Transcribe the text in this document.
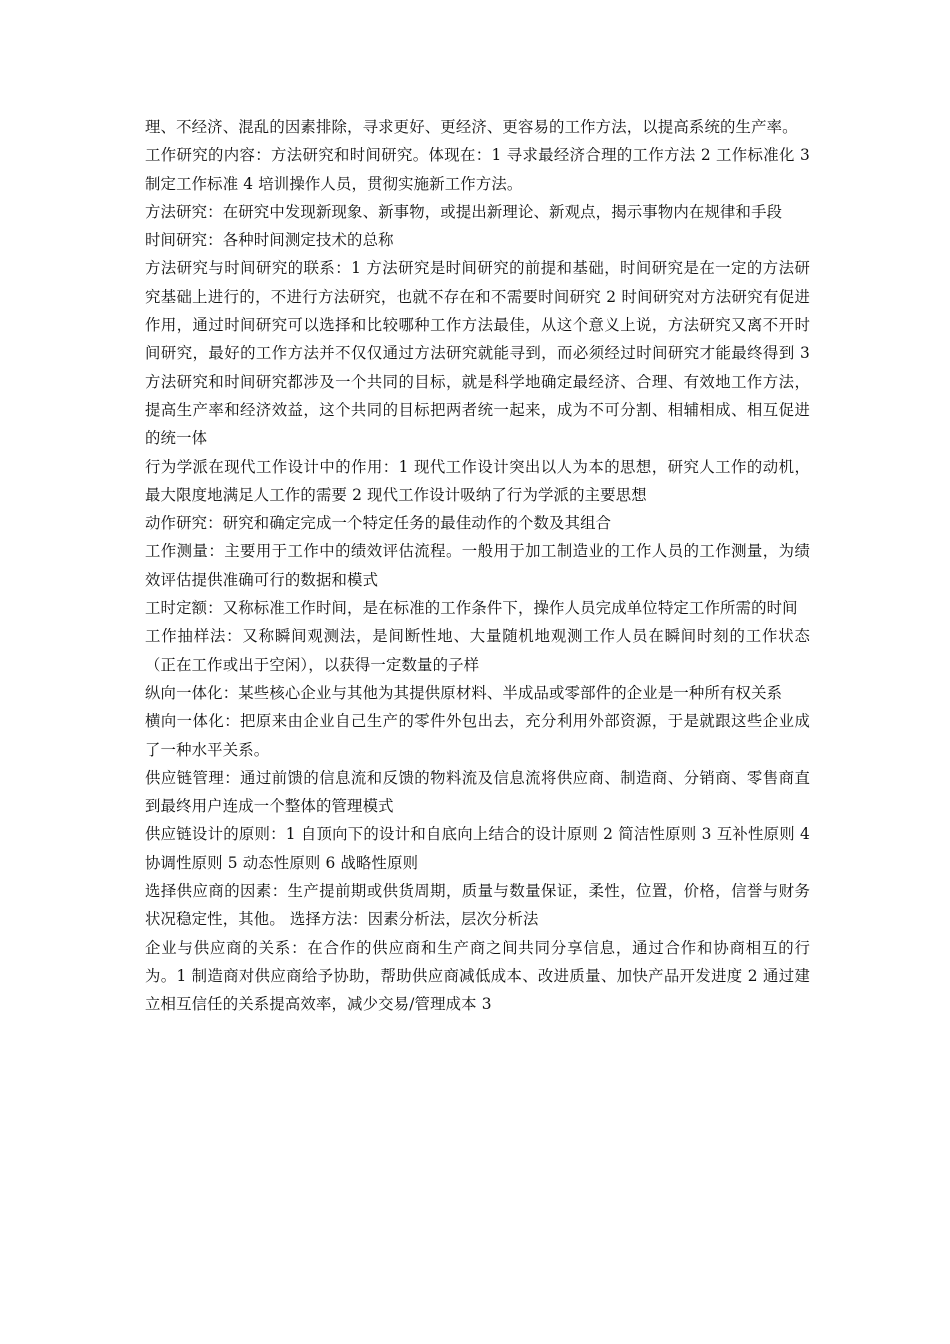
理、不经济、混乱的因素排除，寻求更好、更经济、更容易的工作方法，以提高系统的生产率。

工作研究的内容：方法研究和时间研究。体现在：1 寻求最经济合理的工作方法 2 工作标准化 3 制定工作标准 4 培训操作人员，贯彻实施新工作方法。

方法研究：在研究中发现新现象、新事物，或提出新理论、新观点，揭示事物内在规律和手段

时间研究：各种时间测定技术的总称

方法研究与时间研究的联系：1 方法研究是时间研究的前提和基础，时间研究是在一定的方法研究基础上进行的，不进行方法研究，也就不存在和不需要时间研究 2 时间研究对方法研究有促进作用，通过时间研究可以选择和比较哪种工作方法最佳，从这个意义上说，方法研究又离不开时间研究，最好的工作方法并不仅仅通过方法研究就能寻到，而必须经过时间研究才能最终得到 3 方法研究和时间研究都涉及一个共同的目标，就是科学地确定最经济、合理、有效地工作方法，提高生产率和经济效益，这个共同的目标把两者统一起来，成为不可分割、相辅相成、相互促进的统一体

行为学派在现代工作设计中的作用：1 现代工作设计突出以人为本的思想，研究人工作的动机，最大限度地满足人工作的需要 2 现代工作设计吸纳了行为学派的主要思想

动作研究：研究和确定完成一个特定任务的最佳动作的个数及其组合

工作测量：主要用于工作中的绩效评估流程。一般用于加工制造业的工作人员的工作测量，为绩效评估提供准确可行的数据和模式

工时定额：又称标准工作时间，是在标准的工作条件下，操作人员完成单位特定工作所需的时间

工作抽样法：又称瞬间观测法，是间断性地、大量随机地观测工作人员在瞬间时刻的工作状态（正在工作或出于空闲），以获得一定数量的子样

纵向一体化：某些核心企业与其他为其提供原材料、半成品或零部件的企业是一种所有权关系

横向一体化：把原来由企业自己生产的零件外包出去，充分利用外部资源，于是就跟这些企业成了一种水平关系。

供应链管理：通过前馈的信息流和反馈的物料流及信息流将供应商、制造商、分销商、零售商直到最终用户连成一个整体的管理模式

供应链设计的原则：1 自顶向下的设计和自底向上结合的设计原则 2 简洁性原则 3 互补性原则 4 协调性原则 5 动态性原则 6 战略性原则

选择供应商的因素：生产提前期或供货周期，质量与数量保证，柔性，位置，价格，信誉与财务状况稳定性，其他。 选择方法：因素分析法，层次分析法

企业与供应商的关系：在合作的供应商和生产商之间共同分享信息，通过合作和协商相互的行为。1 制造商对供应商给予协助，帮助供应商减低成本、改进质量、加快产品开发进度 2 通过建立相互信任的关系提高效率，减少交易/管理成本 3
